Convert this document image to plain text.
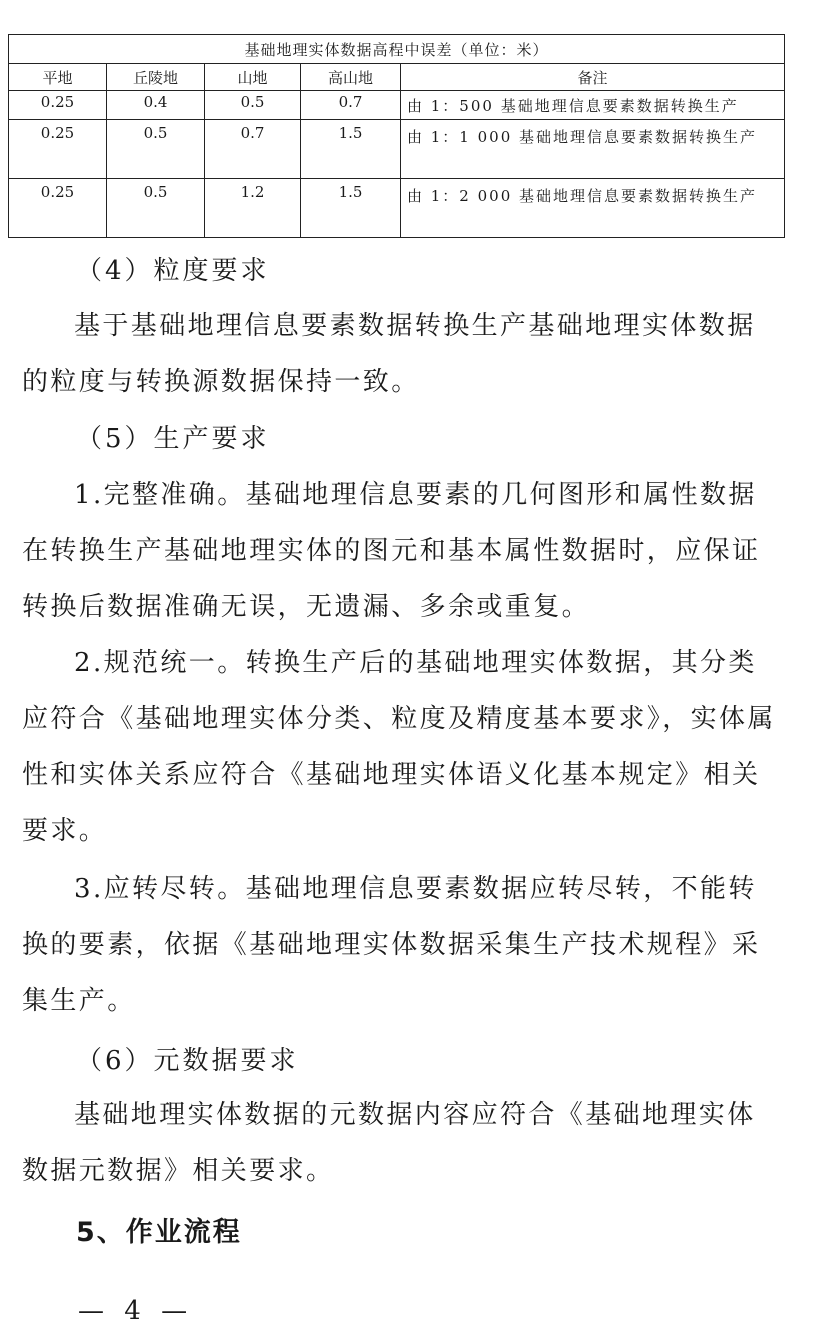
基础地理实体数据高程中误差（单位：米）				
平地	丘陵地	山地	高山地	备注
0.25	0.4	0.5	0.7	由 1：500 基础地理信息要素数据转换生产
0.25	0.5	0.7	1.5	由 1：1 000 基础地理信息要素数据转换生产
0.25	0.5	1.2	1.5	由 1：2 000 基础地理信息要素数据转换生产

（4）粒度要求

基于基础地理信息要素数据转换生产基础地理实体数据的粒度与转换源数据保持一致。

（5）生产要求

1.完整准确。基础地理信息要素的几何图形和属性数据在转换生产基础地理实体的图元和基本属性数据时，应保证转换后数据准确无误，无遗漏、多余或重复。

2.规范统一。转换生产后的基础地理实体数据，其分类应符合《基础地理实体分类、粒度及精度基本要求》，实体属性和实体关系应符合《基础地理实体语义化基本规定》相关要求。

3.应转尽转。基础地理信息要素数据应转尽转，不能转换的要素，依据《基础地理实体数据采集生产技术规程》采集生产。

（6）元数据要求

基础地理实体数据的元数据内容应符合《基础地理实体数据元数据》相关要求。

5、作业流程

— 4 —
